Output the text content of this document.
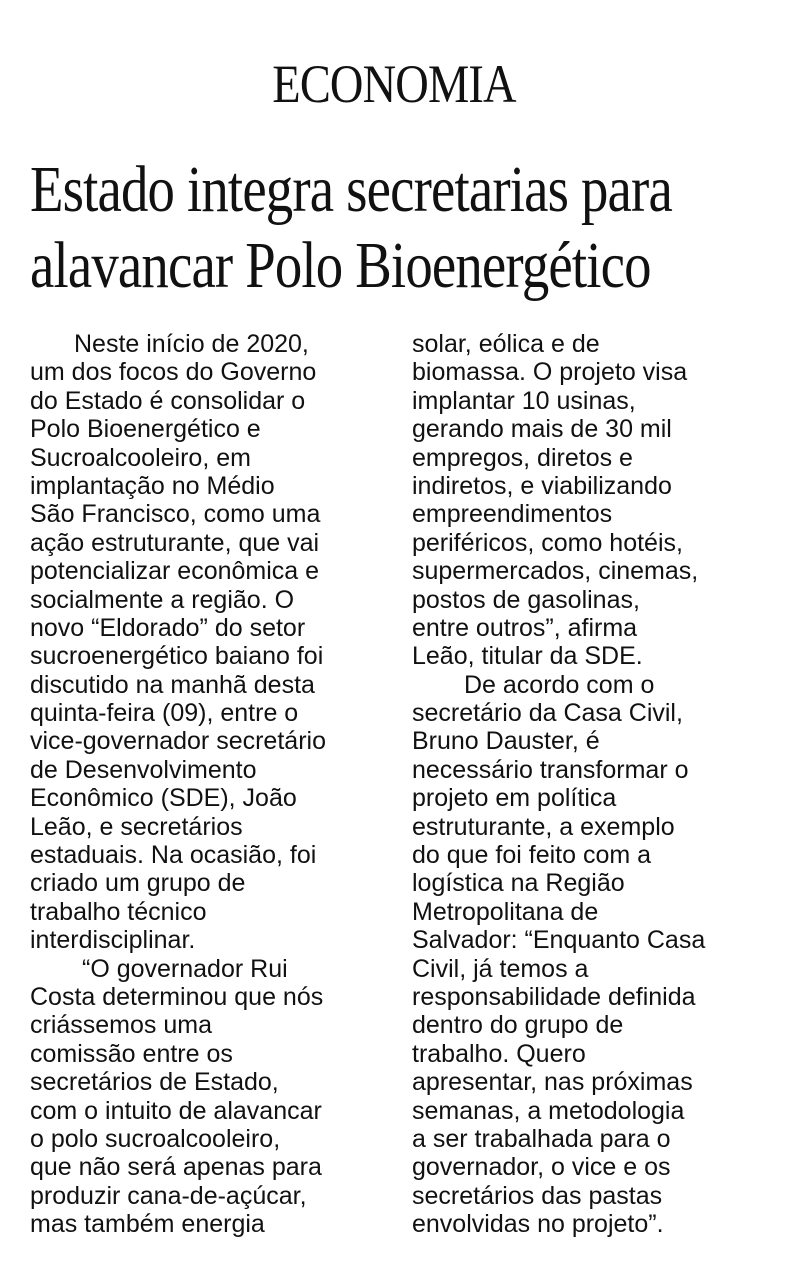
ECONOMIA
Estado integra secretarias para
alavancar Polo Bioenergético
Neste início de 2020,
um dos focos do Governo
do Estado é consolidar o
Polo Bioenergético e
Sucroalcooleiro, em
implantação no Médio
São Francisco, como uma
ação estruturante, que vai
potencializar econômica e
socialmente a região. O
novo “Eldorado” do setor
sucroenergético baiano foi
discutido na manhã desta
quinta-feira (09), entre o
vice-governador secretário
de Desenvolvimento
Econômico (SDE), João
Leão, e secretários
estaduais. Na ocasião, foi
criado um grupo de
trabalho técnico
interdisciplinar.
“O governador Rui
Costa determinou que nós
criássemos uma
comissão entre os
secretários de Estado,
com o intuito de alavancar
o polo sucroalcooleiro,
que não será apenas para
produzir cana-de-açúcar,
mas também energia
solar, eólica e de
biomassa. O projeto visa
implantar 10 usinas,
gerando mais de 30 mil
empregos, diretos e
indiretos, e viabilizando
empreendimentos
periféricos, como hotéis,
supermercados, cinemas,
postos de gasolinas,
entre outros”, afirma
Leão, titular da SDE.
De acordo com o
secretário da Casa Civil,
Bruno Dauster, é
necessário transformar o
projeto em política
estruturante, a exemplo
do que foi feito com a
logística na Região
Metropolitana de
Salvador: “Enquanto Casa
Civil, já temos a
responsabilidade definida
dentro do grupo de
trabalho. Quero
apresentar, nas próximas
semanas, a metodologia
a ser trabalhada para o
governador, o vice e os
secretários das pastas
envolvidas no projeto”.
